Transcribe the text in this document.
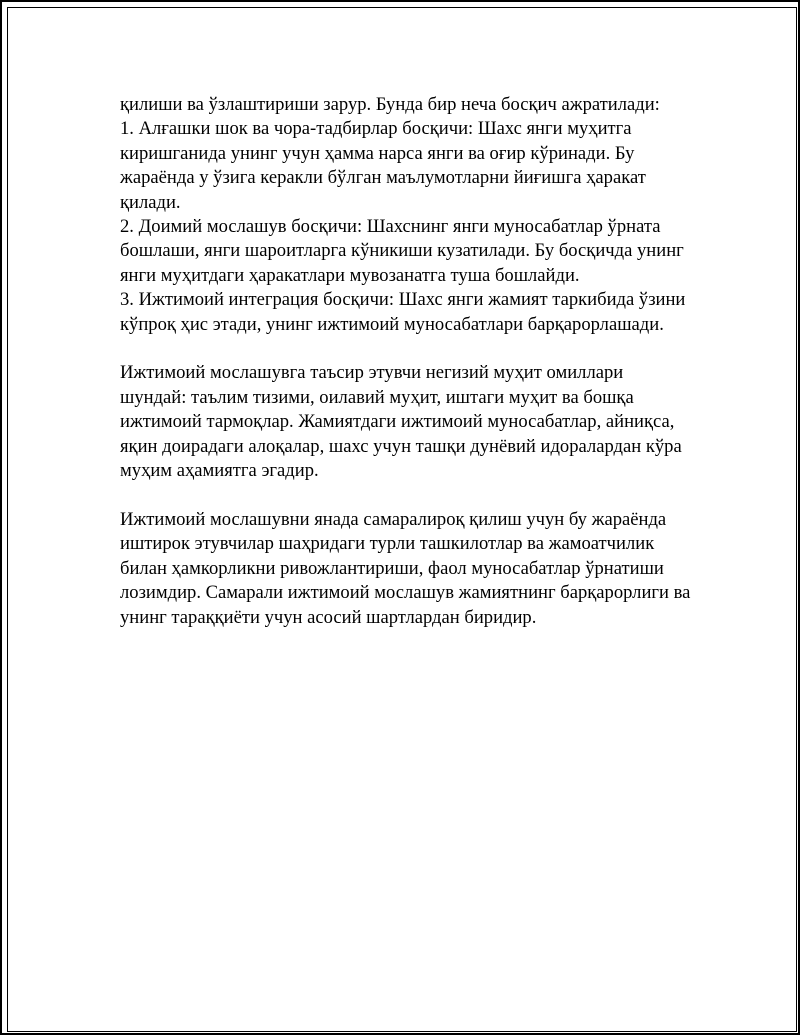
қилиши ва ўзлаштириши зарур. Бунда бир неча босқич ажратилади:
1. Алғашки шок ва чора-тадбирлар босқичи: Шахс янги муҳитга
киришганида унинг учун ҳамма нарса янги ва оғир кўринади. Бу
жараёнда у ўзига керакли бўлган маълумотларни йиғишга ҳаракат
қилади.
2. Доимий мослашув босқичи: Шахснинг янги муносабатлар ўрната
бошлаши, янги шароитларга кўникиши кузатилади. Бу босқичда унинг
янги муҳитдаги ҳаракатлари мувозанатга туша бошлайди.
3. Ижтимоий интеграция босқичи: Шахс янги жамият таркибида ўзини
кўпроқ ҳис этади, унинг ижтимоий муносабатлари барқарорлашади.
Ижтимоий мослашувга таъсир этувчи негизий муҳит омиллари
шундай: таълим тизими, оилавий муҳит, иштаги муҳит ва бошқа
ижтимоий тармоқлар. Жамиятдаги ижтимоий муносабатлар, айниқса,
яқин доирадаги алоқалар, шахс учун ташқи дунёвий идоралардан кўра
муҳим аҳамиятга эгадир.
Ижтимоий мослашувни янада самаралироқ қилиш учун бу жараёнда
иштирок этувчилар шаҳридаги турли ташкилотлар ва жамоатчилик
билан ҳамкорликни ривожлантириши, фаол муносабатлар ўрнатиши
лозимдир. Самарали ижтимоий мослашув жамиятнинг барқарорлиги ва
унинг тараққиёти учун асосий шартлардан биридир.
